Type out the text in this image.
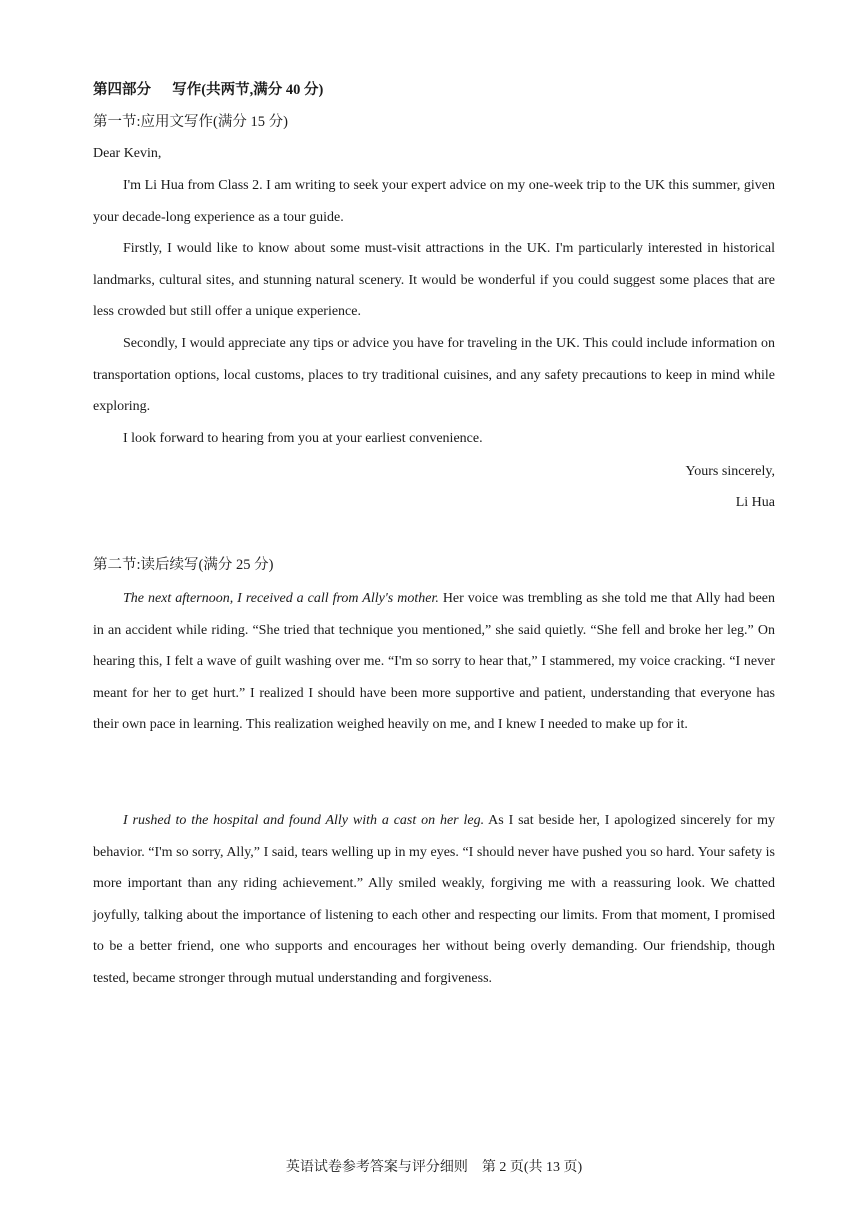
第四部分 写作(共两节,满分 40 分)
第一节:应用文写作(满分 15 分)
Dear Kevin,

I'm Li Hua from Class 2. I am writing to seek your expert advice on my one-week trip to the UK this summer, given your decade-long experience as a tour guide.

Firstly, I would like to know about some must-visit attractions in the UK. I'm particularly interested in historical landmarks, cultural sites, and stunning natural scenery. It would be wonderful if you could suggest some places that are less crowded but still offer a unique experience.

Secondly, I would appreciate any tips or advice you have for traveling in the UK. This could include information on transportation options, local customs, places to try traditional cuisines, and any safety precautions to keep in mind while exploring.

I look forward to hearing from you at your earliest convenience.

Yours sincerely,
Li Hua
第二节:读后续写(满分 25 分)

The next afternoon, I received a call from Ally's mother. Her voice was trembling as she told me that Ally had been in an accident while riding. “She tried that technique you mentioned,” she said quietly. “She fell and broke her leg.” On hearing this, I felt a wave of guilt washing over me. “I'm so sorry to hear that,” I stammered, my voice cracking. “I never meant for her to get hurt.” I realized I should have been more supportive and patient, understanding that everyone has their own pace in learning. This realization weighed heavily on me, and I knew I needed to make up for it.

I rushed to the hospital and found Ally with a cast on her leg. As I sat beside her, I apologized sincerely for my behavior. “I'm so sorry, Ally,” I said, tears welling up in my eyes. “I should never have pushed you so hard. Your safety is more important than any riding achievement.” Ally smiled weakly, forgiving me with a reassuring look. We chatted joyfully, talking about the importance of listening to each other and respecting our limits. From that moment, I promised to be a better friend, one who supports and encourages her without being overly demanding. Our friendship, though tested, became stronger through mutual understanding and forgiveness.

英语试卷参考答案与评分细则　第 2 页(共 13 页)
